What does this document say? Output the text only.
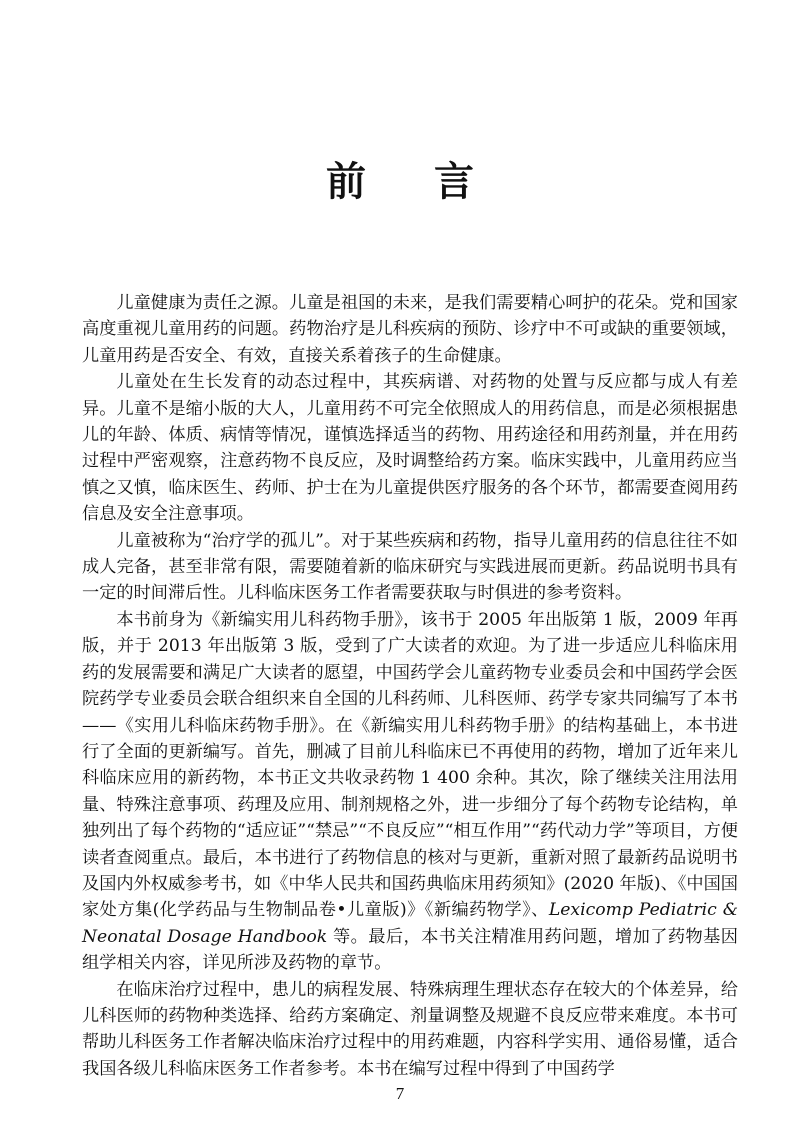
前 言

儿童健康为责任之源。儿童是祖国的未来，是我们需要精心呵护的花朵。党和国家高度重视儿童用药的问题。药物治疗是儿科疾病的预防、诊疗中不可或缺的重要领域，儿童用药是否安全、有效，直接关系着孩子的生命健康。

儿童处在生长发育的动态过程中，其疾病谱、对药物的处置与反应都与成人有差异。儿童不是缩小版的大人，儿童用药不可完全依照成人的用药信息，而是必须根据患儿的年龄、体质、病情等情况，谨慎选择适当的药物、用药途径和用药剂量，并在用药过程中严密观察，注意药物不良反应，及时调整给药方案。临床实践中，儿童用药应当慎之又慎，临床医生、药师、护士在为儿童提供医疗服务的各个环节，都需要查阅用药信息及安全注意事项。

儿童被称为“治疗学的孤儿”。对于某些疾病和药物，指导儿童用药的信息往往不如成人完备，甚至非常有限，需要随着新的临床研究与实践进展而更新。药品说明书具有一定的时间滞后性。儿科临床医务工作者需要获取与时俱进的参考资料。

本书前身为《新编实用儿科药物手册》，该书于 2005 年出版第 1 版，2009 年再版，并于 2013 年出版第 3 版，受到了广大读者的欢迎。为了进一步适应儿科临床用药的发展需要和满足广大读者的愿望，中国药学会儿童药物专业委员会和中国药学会医院药学专业委员会联合组织来自全国的儿科药师、儿科医师、药学专家共同编写了本书——《实用儿科临床药物手册》。在《新编实用儿科药物手册》的结构基础上，本书进行了全面的更新编写。首先，删减了目前儿科临床已不再使用的药物，增加了近年来儿科临床应用的新药物，本书正文共收录药物 1 400 余种。其次，除了继续关注用法用量、特殊注意事项、药理及应用、制剂规格之外，进一步细分了每个药物专论结构，单独列出了每个药物的“适应证”“禁忌”“不良反应”“相互作用”“药代动力学”等项目，方便读者查阅重点。最后，本书进行了药物信息的核对与更新，重新对照了最新药品说明书及国内外权威参考书，如《中华人民共和国药典临床用药须知》(2020 年版)、《中国国家处方集(化学药品与生物制品卷•儿童版)》《新编药物学》、Lexicomp Pediatric & Neonatal Dosage Handbook 等。最后，本书关注精准用药问题，增加了药物基因组学相关内容，详见所涉及药物的章节。

在临床治疗过程中，患儿的病程发展、特殊病理生理状态存在较大的个体差异，给儿科医师的药物种类选择、给药方案确定、剂量调整及规避不良反应带来难度。本书可帮助儿科医务工作者解决临床治疗过程中的用药难题，内容科学实用、通俗易懂，适合我国各级儿科临床医务工作者参考。本书在编写过程中得到了中国药学

7
